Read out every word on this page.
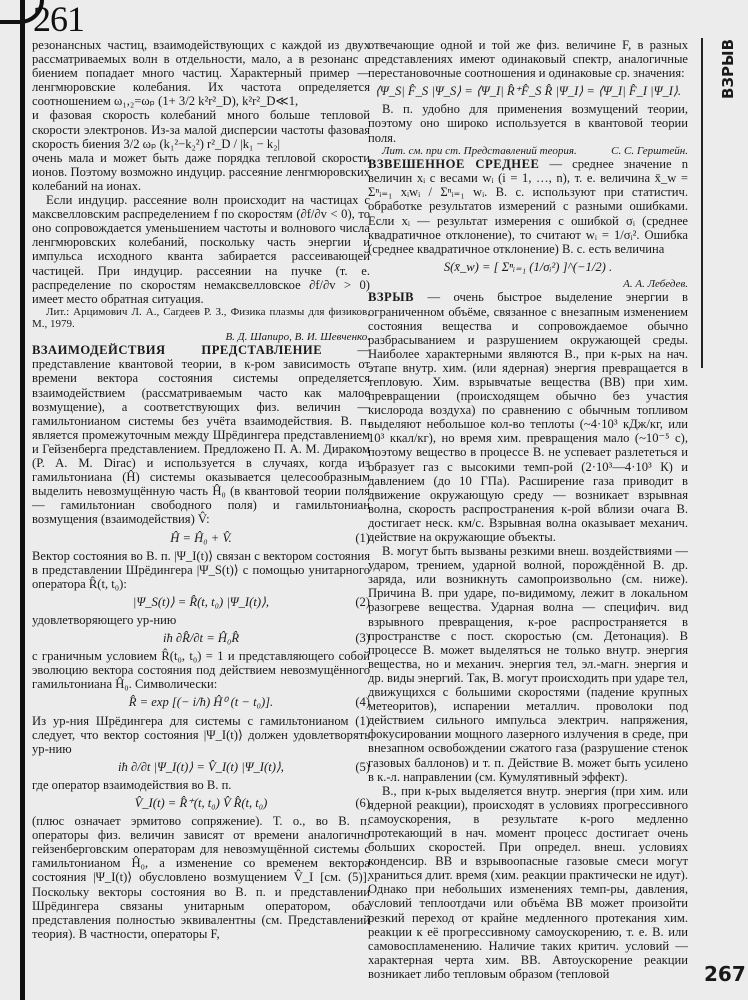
261

резонансных частиц, взаимодействующих с каждой из двух рассматриваемых волн в отдельности, мало, а в резонанс с биением попадает много частиц. Характерный пример — ленгмюровские колебания. Их частота определяется соотношением ω₁,₂=ωₚ (1+ 3/2 k²r²_D), k²r²_D≪1,

и фазовая скорость колебаний много больше тепловой скорости электронов. Из-за малой дисперсии частоты фазовая скорость биения 3/2 ωₚ (k₁²−k₂²) r²_D / |k₁ − k₂|

очень мала и может быть даже порядка тепловой скорости ионов. Поэтому возможно индуцир. рассеяние ленгмюровских колебаний на ионах.

Если индуцир. рассеяние волн происходит на частицах с максвелловским распределением f по скоростям (∂f/∂v < 0), то оно сопровождается уменьшением частоты и волнового числа ленгмюровских колебаний, поскольку часть энергии и импульса исходного кванта забирается рассеивающей частицей. При индуцир. рассеянии на пучке (т. е. распределение по скоростям немаксвелловское ∂f/∂v > 0) имеет место обратная ситуация.

Лит.: Арцимович Л. А., Сагдеев Р. З., Физика плазмы для физиков, М., 1979.

В. Д. Шапиро, В. И. Шевченко.

ВЗАИМОДЕЙСТВИЯ ПРЕДСТАВЛЕНИЕ — представление квантовой теории, в к-ром зависимость от времени вектора состояния системы определяется взаимодействием (рассматриваемым часто как малое возмущение), а соответствующих физ. величин — гамильтонианом системы без учёта взаимодействия. В. п. является промежуточным между Шрёдингера представлением и Гейзенберга представлением. Предложено П. А. М. Дираком (P. A. M. Dirac) и используется в случаях, когда из гамильтониана (Ĥ) системы оказывается целесообразным выделить невозмущённую часть Ĥ₀ (в квантовой теории поля — гамильтониан свободного поля) и гамильтониан возмущения (взаимодействия) V̂:

Ĥ = Ĥ₀ + V̂.	(1)

Вектор состояния во В. п. |Ψ_I(t)⟩ связан с вектором состояния в представлении Шрёдингера |Ψ_S(t)⟩ с помощью унитарного оператора R̂(t, t₀):

|Ψ_S(t)⟩ = R̂(t, t₀) |Ψ_I(t)⟩,	(2)

удовлетворяющего ур-нию

iħ ∂R̂/∂t = Ĥ₀R̂	(3)

с граничным условием R̂(t₀, t₀) = 1 и представляющего собой эволюцию вектора состояния под действием невозмущённого гамильтониана Ĥ₀. Символически:

R̂ = exp [(− i/ħ) Ĥ⁰ (t − t₀)].	(4)

Из ур-ния Шрёдингера для системы с гамильтонианом (1) следует, что вектор состояния |Ψ_I(t)⟩ должен удовлетворять ур-нию

iħ ∂/∂t |Ψ_I(t)⟩ = V̂_I(t) |Ψ_I(t)⟩,	(5)

где оператор взаимодействия во В. п.

V̂_I(t) = R̂⁺(t, t₀) V̂ R̂(t, t₀)	(6)

(плюс означает эрмитово сопряжение). Т. о., во В. п. операторы физ. величин зависят от времени аналогично гейзенберговским операторам для невозмущённой системы с гамильтонианом Ĥ₀, а изменение со временем вектора состояния |Ψ_I(t)⟩ обусловлено возмущением V̂_I [см. (5)]. Поскольку векторы состояния во В. п. и представлении Шрёдингера связаны унитарным оператором, оба представления полностью эквивалентны (см. Представлений теория). В частности, операторы F,

отвечающие одной и той же физ. величине F, в разных представлениях имеют одинаковый спектр, аналогичные перестановочные соотношения и одинаковые ср. значения:

⟨Ψ_S| F̂_S |Ψ_S⟩ = ⟨Ψ_I| R̂⁺F̂_S R̂ |Ψ_I⟩ = ⟨Ψ_I| F̂_I |Ψ_I⟩.

В. п. удобно для применения возмущений теории, поэтому оно широко используется в квантовой теории поля.

Лит. см. при ст. Представлений теория.	С. С. Герштейн.

ВЗВЕШЕННОЕ СРЕДНЕЕ — среднее значение n величин xᵢ с весами wᵢ (i = 1, …, n), т. е. величина x̄_w = Σⁿᵢ₌₁ xᵢwᵢ / Σⁿᵢ₌₁ wᵢ. В. с. используют при статистич. обработке результатов измерений с разными ошибками. Если xᵢ — результат измерения с ошибкой σᵢ (среднее квадратичное отклонение), то считают wᵢ = 1/σᵢ². Ошибка (среднее квадратичное отклонение) В. с. есть величина

S(x̄_w) = [ Σⁿᵢ₌₁ (1/σᵢ²) ]^(−1/2) .

А. А. Лебедев.

ВЗРЫВ — очень быстрое выделение энергии в ограниченном объёме, связанное с внезапным изменением состояния вещества и сопровождаемое обычно разбрасыванием и разрушением окружающей среды. Наиболее характерными являются В., при к-рых на нач. этапе внутр. хим. (или ядерная) энергия превращается в тепловую. Хим. взрывчатые вещества (ВВ) при хим. превращении (происходящем обычно без участия кислорода воздуха) по сравнению с обычным топливом выделяют небольшое кол-во теплоты (~4·10³ кДж/кг, или 10³ ккал/кг), но время хим. превращения мало (~10⁻⁵ с), поэтому вещество в процессе В. не успевает разлететься и образует газ с высокими темп-рой (2·10³—4·10³ К) и давлением (до 10 ГПа). Расширение газа приводит в движение окружающую среду — возникает взрывная волна, скорость распространения к-рой вблизи очага В. достигает неск. км/с. Взрывная волна оказывает механич. действие на окружающие объекты.

В. могут быть вызваны резкими внеш. воздействиями — ударом, трением, ударной волной, порождённой В. др. заряда, или возникнуть самопроизвольно (см. ниже). Причина В. при ударе, по-видимому, лежит в локальном разогреве вещества. Ударная волна — специфич. вид взрывного превращения, к-рое распространяется в пространстве с пост. скоростью (см. Детонация). В процессе В. может выделяться не только внутр. энергия вещества, но и механич. энергия тел, эл.-магн. энергия и др. виды энергий. Так, В. могут происходить при ударе тел, движущихся с большими скоростями (падение крупных метеоритов), испарении металлич. проволоки под действием сильного импульса электрич. напряжения, фокусировании мощного лазерного излучения в среде, при внезапном освобождении сжатого газа (разрушение стенок газовых баллонов) и т. п. Действие В. может быть усилено в к.-л. направлении (см. Кумулятивный эффект).

В., при к-рых выделяется внутр. энергия (при хим. или ядерной реакции), происходят в условиях прогрессивного самоускорения, в результате к-рого медленно протекающий в нач. момент процесс достигает очень больших скоростей. При определ. внеш. условиях конденсир. ВВ и взрывоопасные газовые смеси могут храниться длит. время (хим. реакции практически не идут). Однако при небольших изменениях темп-ры, давления, условий теплоотдачи или объёма ВВ может произойти резкий переход от крайне медленного протекания хим. реакции к её прогрессивному самоускорению, т. е. В. или самовоспламенению. Наличие таких критич. условий — характерная черта хим. ВВ. Автоускорение реакции возникает либо тепловым образом (тепловой

ВЗРЫВ
267
